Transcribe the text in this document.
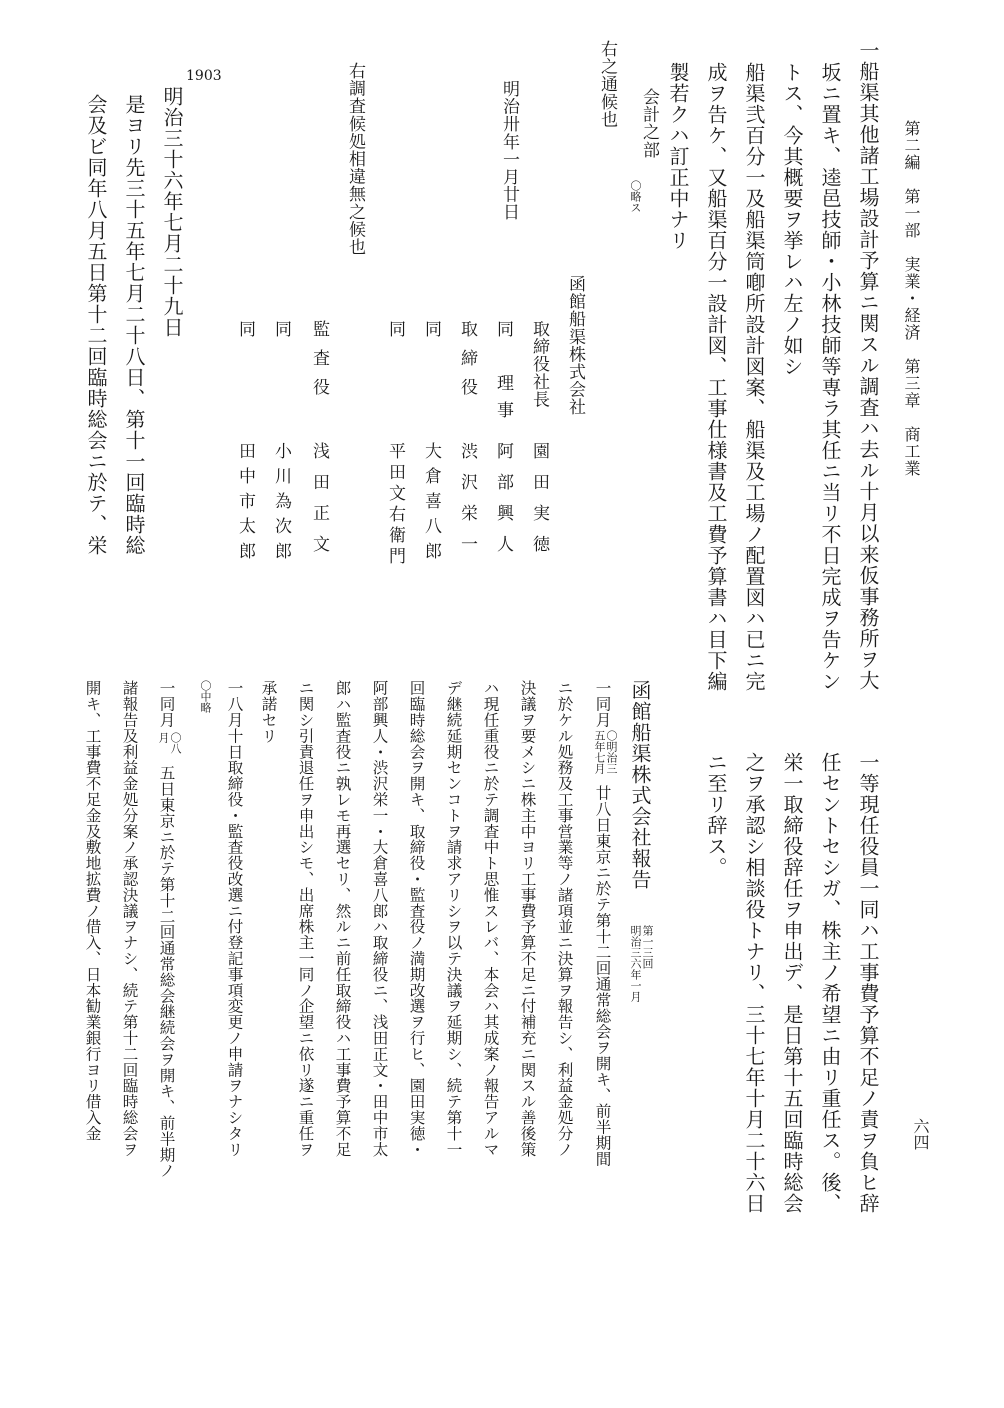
第二編　第一部　実業・経済　第三章　商工業
六四
一船渠其他諸工場設計予算ニ関スル調査ハ去ル十月以来仮事務所ヲ大
坂ニ置キ、逵邑技師・小林技師等専ラ其任ニ当リ不日完成ヲ告ケン
トス、今其概要ヲ挙レハ左ノ如シ
船渠弐百分一及船渠筒喞所設計図案、船渠及工場ノ配置図ハ已ニ完
成ヲ告ケ、又船渠百分一設計図、工事仕様書及工費予算書ハ目下編
製若クハ訂正中ナリ
会計之部
〇略ス
右之通候也
明治卅年一月廿日
函館船渠株式会社
取締役社長
園田実徳
同　理事
阿部興人
取締役
渋沢栄一
同
大倉喜八郎
同
平田文右衛門
右調査候処相違無之候也
監査役
浅田正文
同
小川為次郎
同
田中市太郎
1903
明治三十六年七月二十九日
是ヨリ先三十五年七月二十八日、第十一回臨時総
会及ビ同年八月五日第十二回臨時総会ニ於テ、栄
一等現任役員一同ハ工事費予算不足ノ責ヲ負ヒ辞
任セントセシガ、株主ノ希望ニ由リ重任ス。後、
栄一取締役辞任ヲ申出デ、是日第十五回臨時総会
之ヲ承認シ相談役トナリ、三十七年十月二十六日
ニ至リ辞ス。
函館船渠株式会社報告
第一三回
明治三六年一月
一同月
〇明治三
五年七月
廿八日東京ニ於テ第十二回通常総会ヲ開キ、前半期間
ニ於ケル処務及工事営業等ノ諸項並ニ決算ヲ報告シ、利益金処分ノ
決議ヲ要メシニ株主中ヨリ工事費予算不足ニ付補充ニ関スル善後策
ハ現任重役ニ於テ調査中ト思惟スレバ、本会ハ其成案ノ報告アルマ
デ継続延期センコトヲ請求アリシヲ以テ決議ヲ延期シ、続テ第十一
回臨時総会ヲ開キ、取締役・監査役ノ満期改選ヲ行ヒ、園田実徳・
阿部興人・渋沢栄一・大倉喜八郎ハ取締役ニ、浅田正文・田中市太
郎ハ監査役ニ孰レモ再選セリ、然ルニ前任取締役ハ工事費予算不足
ニ関シ引責退任ヲ申出シモ、出席株主一同ノ企望ニ依リ遂ニ重任ヲ
承諾セリ
一八月十日取締役・監査役改選ニ付登記事項変更ノ申請ヲナシタリ
〇中略
一同月
〇八
月
五日東京ニ於テ第十二回通常総会継続会ヲ開キ、前半期ノ
諸報告及利益金処分案ノ承認決議ヲナシ、続テ第十二回臨時総会ヲ
開キ、工事費不足金及敷地拡費ノ借入、日本勧業銀行ヨリ借入金
